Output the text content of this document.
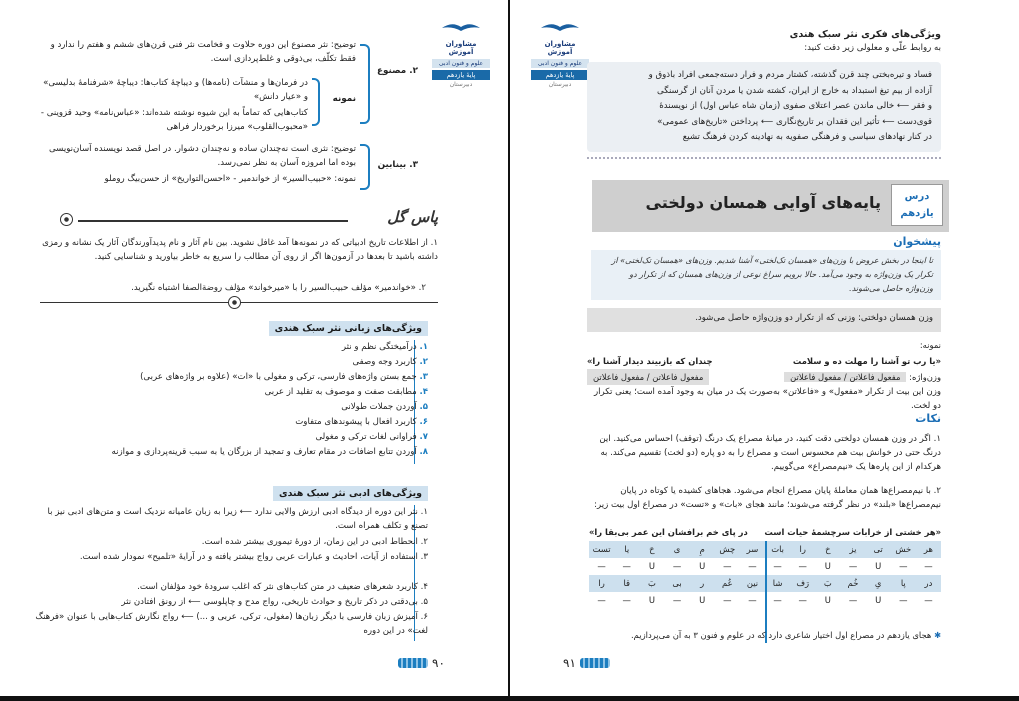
مشاوران آموزش
علوم و فنون ادبی
پایهٔ یازدهم
دبیرستان
۲. مصنوع
توضیح: نثر مصنوع این دوره حلاوت و فخامت نثر فنی قرن‌های ششم و هفتم را ندارد و فقط تکلّف، بی‌ذوقی و غلط‌پردازی است.
نمونه
در فرمان‌ها و منشآت (نامه‌ها) و دیباچهٔ کتاب‌ها: دیباچهٔ «شرفنامهٔ بدلیسی» و «عیار دانش»
کتاب‌هایی که تماماً به این شیوه نوشته شده‌اند: «عباس‌نامه» وحید قزوینی - «محبوب‌القلوب» میرزا برخوردار فراهی
۳. بینابین
توضیح: نثری است نه‌چندان ساده و نه‌چندان دشوار. در اصل قصد نویسنده آسان‌نویسی بوده اما امروزه آسان به نظر نمی‌رسد.
نمونه: «حبیب‌السیر» از خواندمیر - «احسن‌التواریخ» از حسن‌بیگ روملو
پاس گل
۱. از اطلاعات تاریخ ادبیاتی که در نمونه‌ها آمد غافل نشوید. بین نام آثار و نام پدیدآورندگان آثار یک نشانه و رمزی داشته باشید تا بعدها در آزمون‌ها اگر از روی آن مطالب را سریع به خاطر بیاورید و شناسایی کنید.
۲. «خواندمیر» مؤلف حبیب‌السیر را با «میرخواند» مؤلف روضة‌الصفا اشتباه نگیرید.
ویژگی‌های زبانی نثر سبک هندی
۱. درآمیختگی نظم و نثر
۲. کاربرد وجه وصفی
۳. جمع بستن واژه‌های فارسی، ترکی و مغولی با «ات» (علاوه بر واژه‌های عربی)
۴. مطابقت صفت و موصوف به تقلید از عربی
۵. آوردن جملات طولانی
۶. کاربرد افعال با پیشوندهای متفاوت
۷. فراوانی لغات ترکی و مغولی
۸. آوردن تتابع اضافات در مقام تعارف و تمجید از بزرگان یا به سبب قرینه‌پردازی و موازنه
ویژگی‌های ادبی نثر سبک هندی
۱. نثر این دوره از دیدگاه ادبی ارزش والایی ندارد ⟵ زیرا به زبان عامیانه نزدیک است و متن‌های ادبی نیز با تصنع و تکلف همراه است.
۲. انحطاط ادبی در این زمان، از دورهٔ تیموری بیشتر شده است.
۳. استفاده از آیات، احادیث و عبارات عربی رواج بیشتر یافته و در آرایهٔ «تلمیح» نمودار شده است.
۴. کاربرد شعرهای ضعیف در متن کتاب‌های نثر که اغلب سرودهٔ خود مؤلفان است.
۵. بی‌دقتی در ذکر تاریخ و حوادث تاریخی، رواج مدح و چاپلوسی ⟵ از رونق افتادن نثر
۶. آمیزش زبان فارسی با دیگر زبان‌ها (مغولی، ترکی، عربی و ...) ⟵ رواج نگارش کتاب‌هایی با عنوان «فرهنگ لغت» در این دوره
۹۰
مشاوران آموزش
علوم و فنون ادبی
پایهٔ یازدهم
دبیرستان
ویژگی‌های فکری نثر سبک هندی
به روابط علّی و معلولی زیر دقت کنید:
فساد و تیره‌بختی چند قرن گذشته، کشتار مردم و فرار دسته‌جمعی افراد باذوق و
آزاده از بیم تیغ استبداد به خارج از ایران، کشته شدن یا مردن آنان از گرسنگی
و فقر ⟵ خالی ماندن عصر اعتلای صفوی (زمان شاه عباس اول) از نویسندهٔ
قوی‌دست ⟵ تأثیر این فقدان بر تاریخ‌نگاری ⟵ پرداختن «تاریخ‌های عمومی»
در کنار نهادهای سیاسی و فرهنگی صفویه به نهادینه کردن فرهنگ تشیع
درس
یازدهم
پایه‌های آوایی همسان دولختی
پیشخوان
تا اینجا در بخش عروض با وزن‌های «همسان تک‌لختی» آشنا شدیم. وزن‌های «همسان تک‌لختی» از تکرار یک وزن‌واژه به وجود می‌آمد. حالا برویم سراغ نوعی از وزن‌های همسان که از تکرار دو وزن‌واژه حاصل می‌شوند.
وزن همسان دولختی: وزنی که از تکرار دو وزن‌واژه حاصل می‌شود.
نمونه:
«یا رب تو آشنا را مهلت ده و سلامت
چندان که بازبیند دیدار آشنا را»
وزن‌واژه: مفعول فاعلاتن / مفعول فاعلاتن
مفعول فاعلاتن / مفعول فاعلاتن
وزن این بیت از تکرار «مفعول» و «فاعلاتن» به‌صورت یک در میان به وجود آمده است؛ یعنی تکرار دو لخت.
نکات
۱. اگر در وزن همسان دولختی دقت کنید، در میانهٔ مصراع یک درنگ (توقف) احساس می‌کنید. این درنگ حتی در خوانش بیت هم محسوس است و مصراع را به دو پاره (دو لخت) تقسیم می‌کند. به هرکدام از این پاره‌ها یک «نیم‌مصراع» می‌گوییم.
۲. با نیم‌مصراع‌ها همان معاملهٔ پایان مصراع انجام می‌شود. هجاهای کشیده یا کوتاه در پایان نیم‌مصراع‌ها «بلند» در نظر گرفته می‌شوند؛ مانند هجای «بات» و «تست» در مصراع اول بیت زیر:
«هر خشتی از خرابات سرچشمهٔ حیات است
در پای خم برافشان این عمر بی‌بقا را»
هر
خش
تی
یز
خ
را
بات
سر
چش
مِ
ی
حَ
یا
تست
—
—
U
—
U
—
—
—
—
U
—
U
—
—
در
پا
یِ
خُم
بَ
رَف
شا
نین
عُم
ر
بی
بَ
قا
را
—
—
U
—
U
—
—
—
—
U
—
U
—
—
✱ هجای یازدهم در مصراع اول اختیار شاعری دارد که در علوم و فنون ۳ به آن می‌پردازیم.
۹۱
